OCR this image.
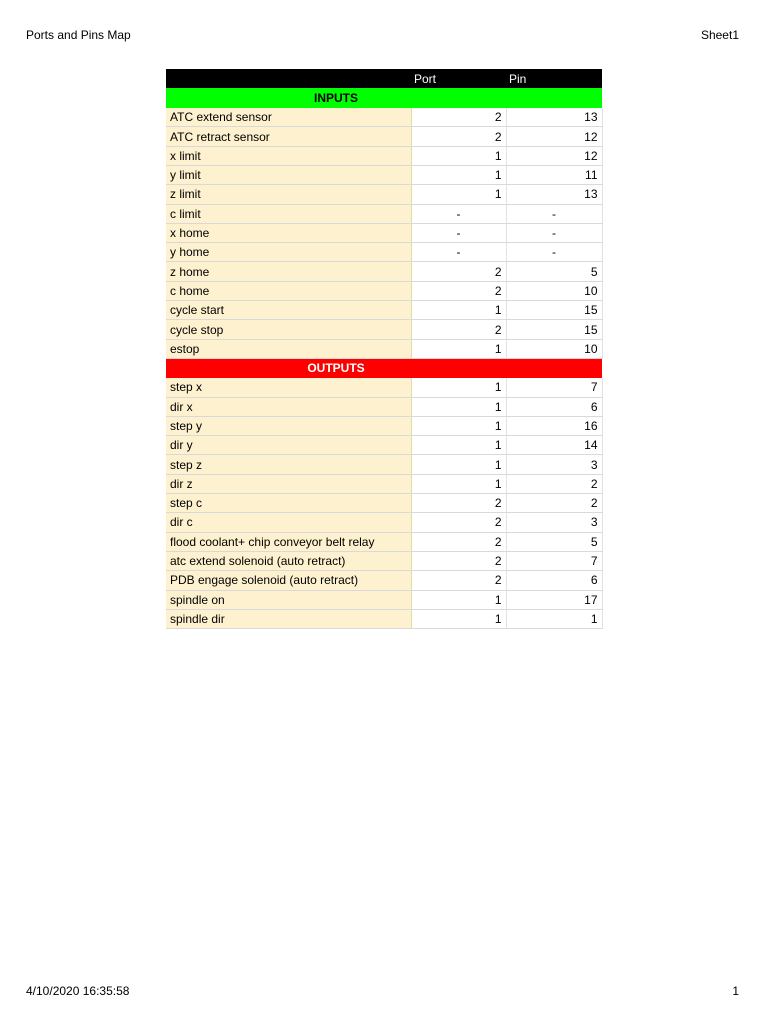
Ports and Pins Map	Sheet1
	Port	Pin
INPUTS		
ATC extend sensor	2	13
ATC retract sensor	2	12
x limit	1	12
y limit	1	11
z limit	1	13
c limit	-	-
x home	-	-
y home	-	-
z home	2	5
c home	2	10
cycle start	1	15
cycle stop	2	15
estop	1	10
OUTPUTS		
step x	1	7
dir x	1	6
step y	1	16
dir y	1	14
step z	1	3
dir z	1	2
step c	2	2
dir c	2	3
flood coolant+ chip conveyor belt relay	2	5
atc extend solenoid (auto retract)	2	7
PDB engage solenoid (auto retract)	2	6
spindle on	1	17
spindle dir	1	1
4/10/2020 16:35:58	1
